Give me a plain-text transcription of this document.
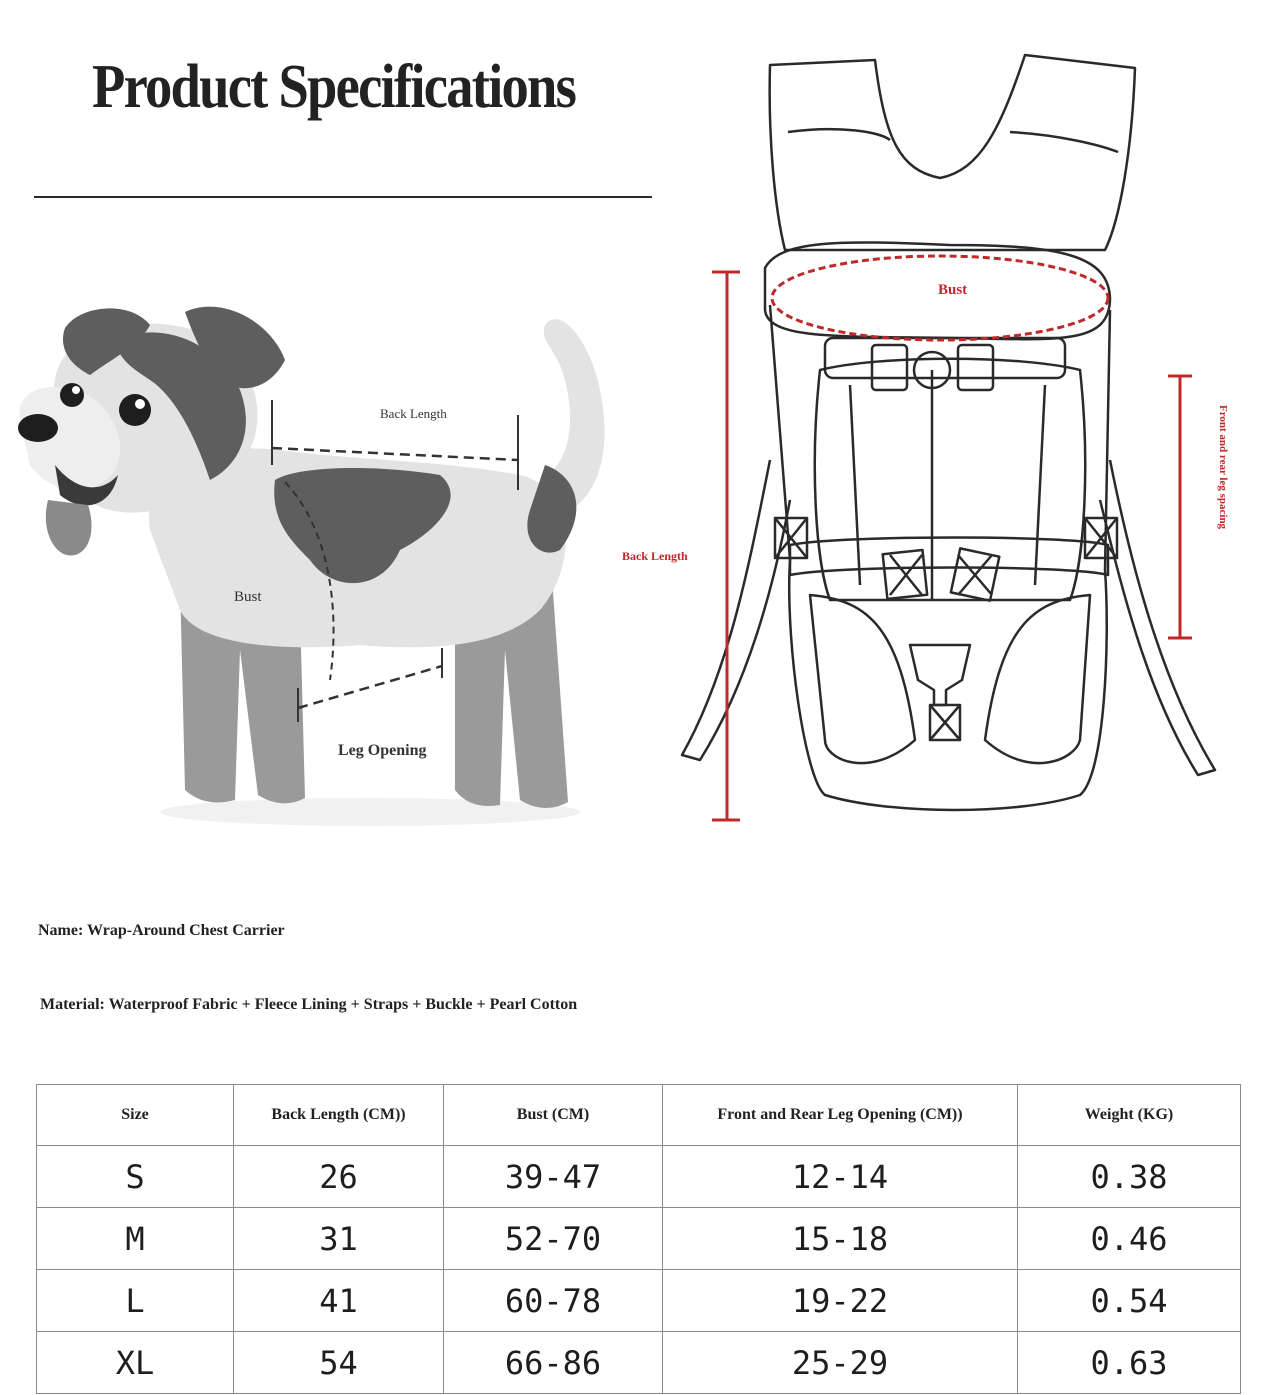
Product Specifications
Back Length
Bust
Leg Opening
Bust
Back Length
Front and rear leg spacing
Name: Wrap-Around Chest Carrier
Material: Waterproof Fabric + Fleece Lining + Straps + Buckle + Pearl Cotton
Size	Back Length (CM))	Bust (CM)	Front and Rear Leg Opening (CM))	Weight (KG)
S	26	39-47	12-14	0.38
M	31	52-70	15-18	0.46
L	41	60-78	19-22	0.54
XL	54	66-86	25-29	0.63
